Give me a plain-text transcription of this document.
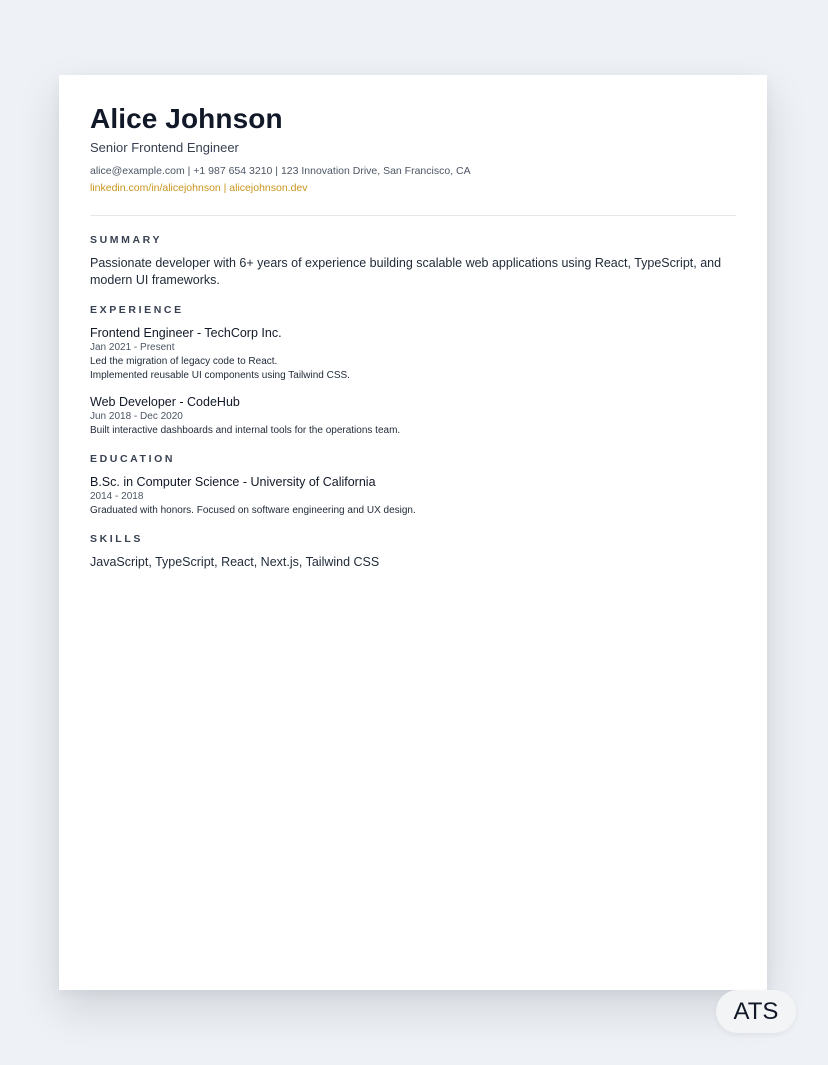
Alice Johnson
Senior Frontend Engineer
alice@example.com | +1 987 654 3210 | 123 Innovation Drive, San Francisco, CA
linkedin.com/in/alicejohnson | alicejohnson.dev
SUMMARY
Passionate developer with 6+ years of experience building scalable web applications using React, TypeScript, and modern UI frameworks.
EXPERIENCE
Frontend Engineer - TechCorp Inc.
Jan 2021 - Present
Led the migration of legacy code to React.
Implemented reusable UI components using Tailwind CSS.
Web Developer - CodeHub
Jun 2018 - Dec 2020
Built interactive dashboards and internal tools for the operations team.
EDUCATION
B.Sc. in Computer Science - University of California
2014 - 2018
Graduated with honors. Focused on software engineering and UX design.
SKILLS
JavaScript, TypeScript, React, Next.js, Tailwind CSS
ATS
